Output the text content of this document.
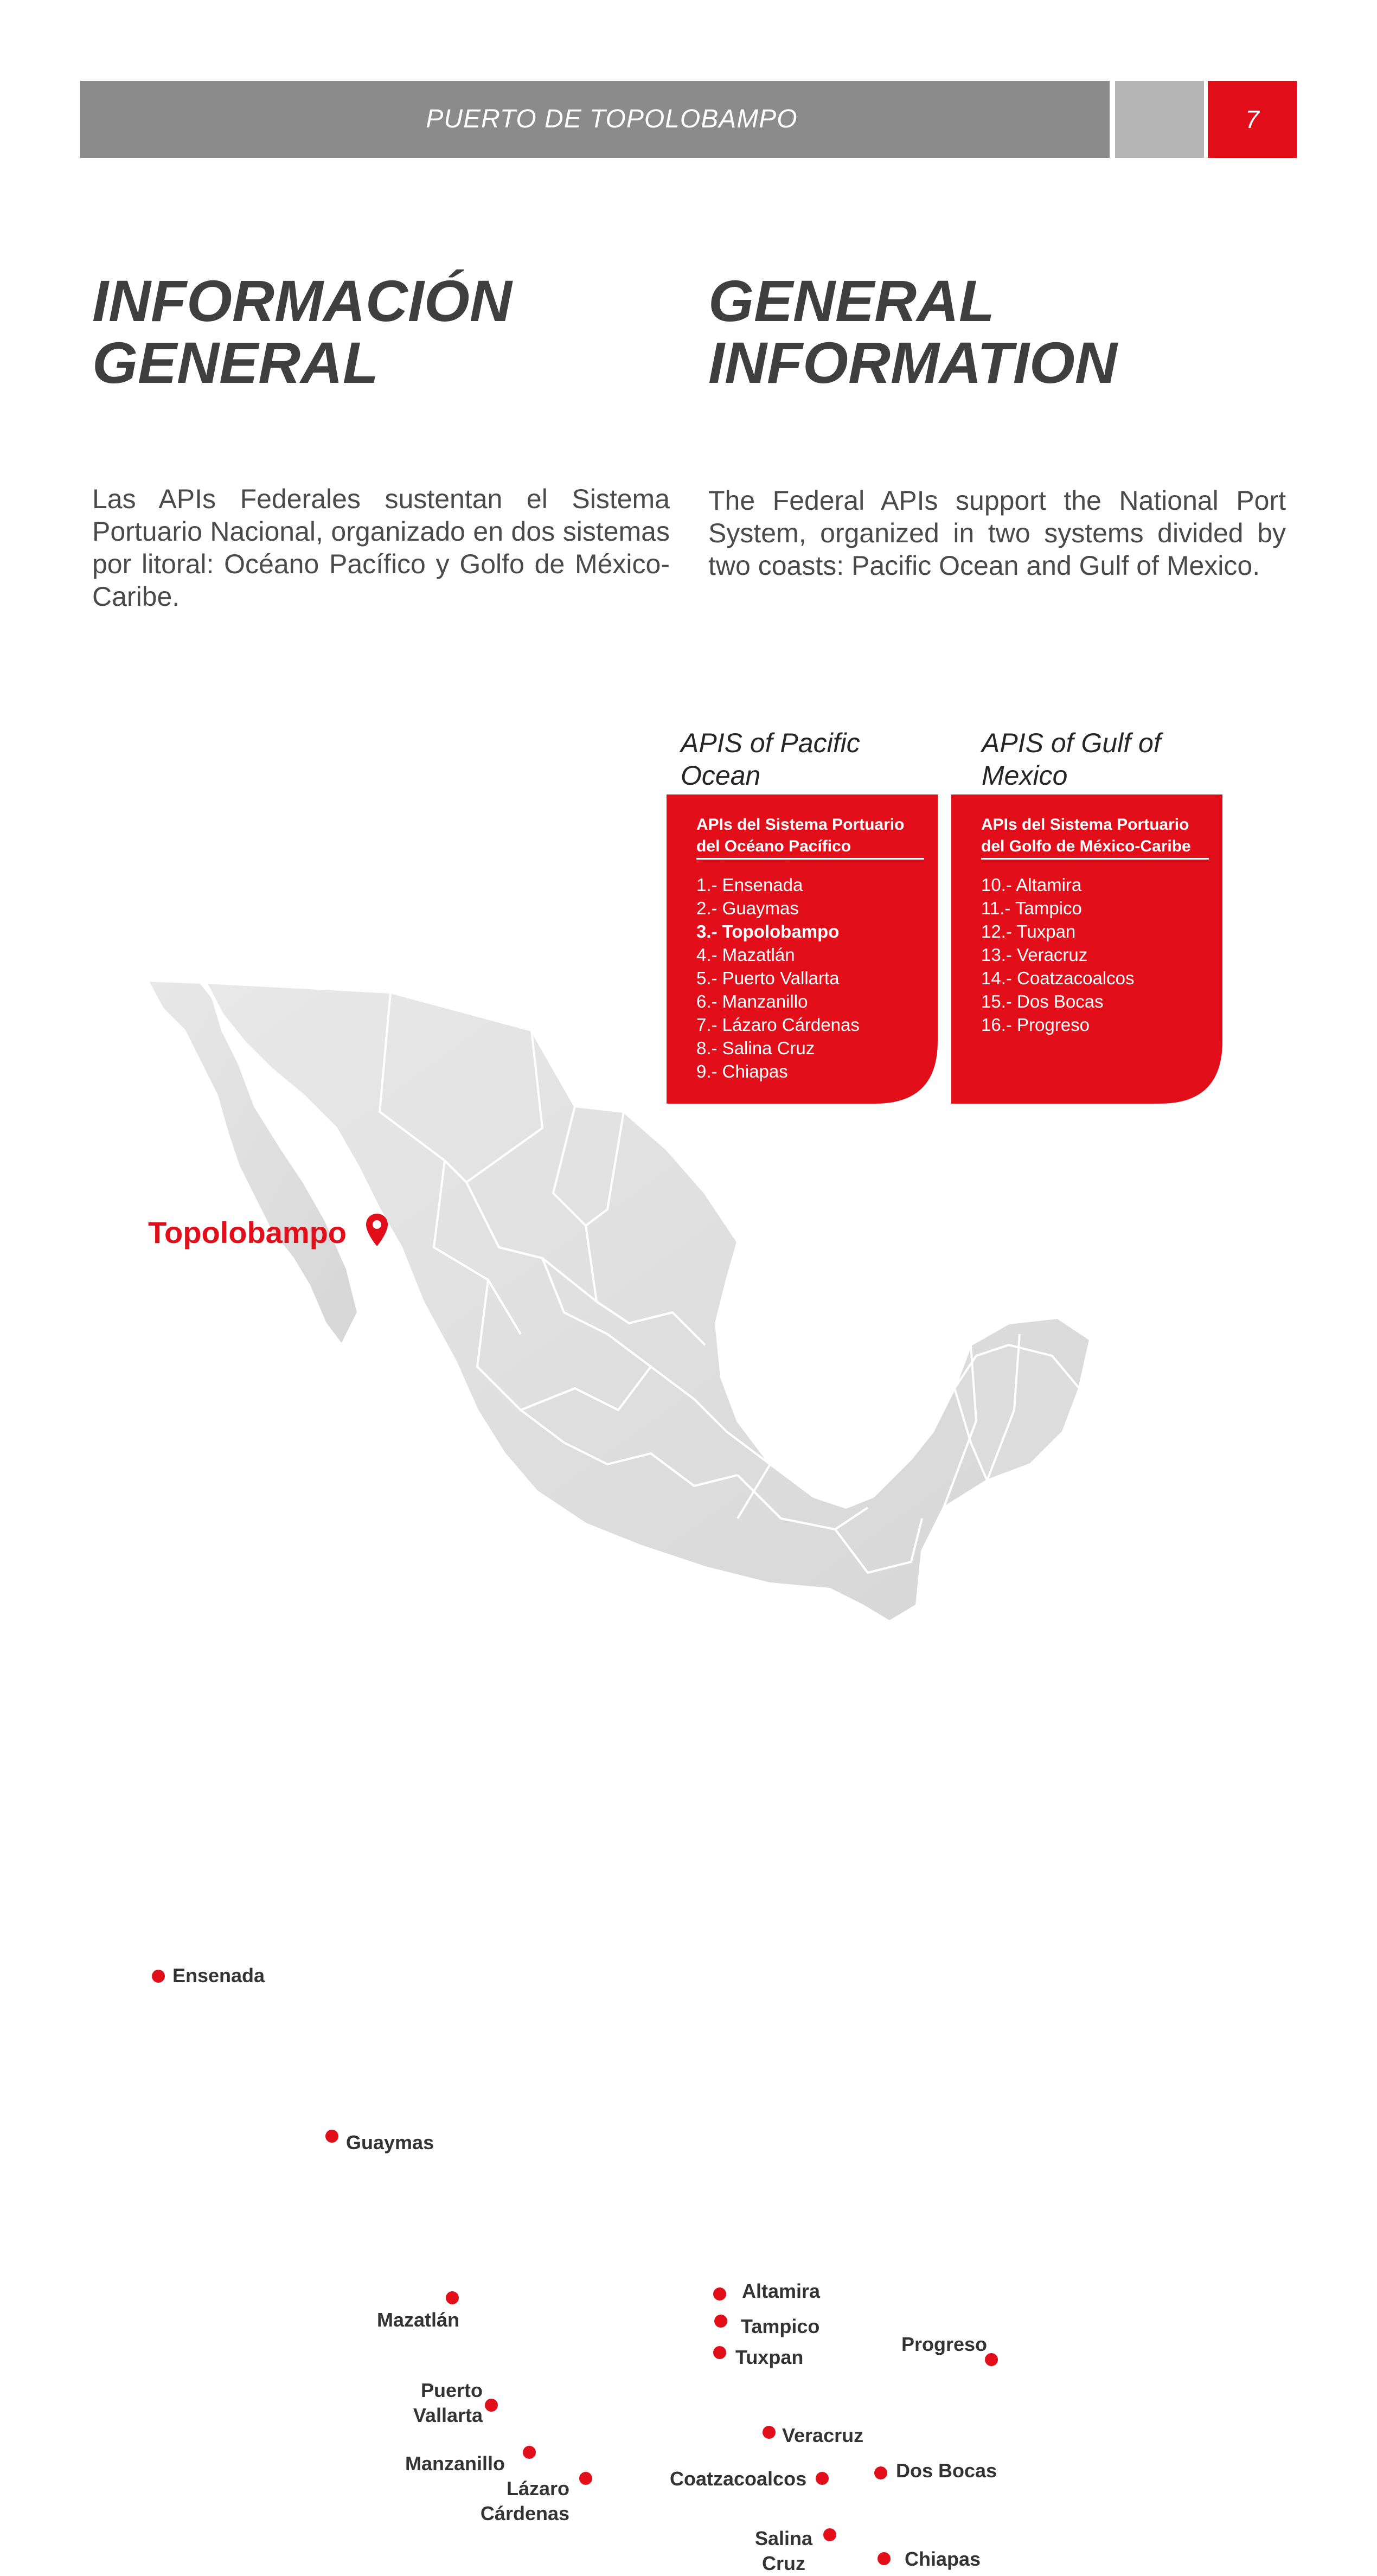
PUERTO DE TOPOLOBAMPO	7
INFORMACIÓN
GENERAL
GENERAL
INFORMATION

Las APIs Federales sustentan el Sistema Portuario Nacional, organizado en dos sistemas por litoral: Océano Pacífico y Golfo de México-Caribe.

The Federal APIs support the National Port System, organized in two systems divided by two coasts: Pacific Ocean and Gulf of Mexico.

APIS of Pacific
Ocean

APIS of Gulf of
Mexico

APIs del Sistema Portuario
del Océano Pacífico

1.- Ensenada
2.- Guaymas
3.- Topolobampo
4.- Mazatlán
5.- Puerto Vallarta
6.- Manzanillo
7.- Lázaro Cárdenas
8.- Salina Cruz
9.- Chiapas

APIs del Sistema Portuario
del Golfo de México-Caribe

10.- Altamira
11.- Tampico
12.- Tuxpan
13.- Veracruz
14.- Coatzacoalcos
15.- Dos Bocas
16.- Progreso
Ensenada
Guaymas
Mazatlán
Puerto
Vallarta
Manzanillo
Lázaro
Cárdenas
Altamira
Tampico
Tuxpan
Progreso
Veracruz
Coatzacoalcos	Dos Bocas
Salina
Cruz	Chiapas
Topolobampo
